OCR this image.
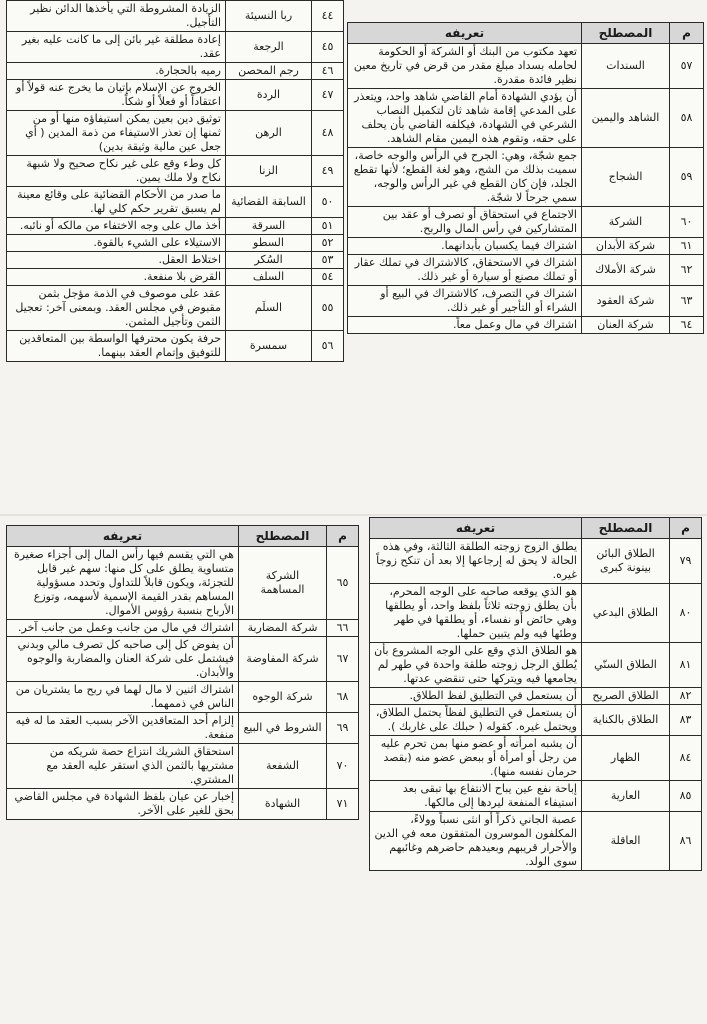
٤٤	ربا النسيئة	الزيادة المشروطة التي يأخذها الدائن نظير التأجيل.
٤٥	الرجعة	إعادة مطلقة غير بائن إلى ما كانت عليه بغير عقد.
٤٦	رجم المحصن	رميه بالحجارة.
٤٧	الردة	الخروج عن الإسلام بإتيان ما يخرج عنه قولاً أو اعتقاداً أو فعلاً أو شكاً.
٤٨	الرهن	توثيق دين بعين يمكن استيفاؤه منها أو من ثمنها إن تعذر الاستيفاء من ذمة المدين ( أي جعل عين مالية وثيقة بدين)
٤٩	الزنا	كل وطء وقع على غير نكاح صحيح ولا شبهة نكاح ولا ملك يمين.
٥٠	السابقة القضائية	ما صدر من الأحكام القضائية على وقائع معينة لم يسبق تقرير حكم كلي لها.
٥١	السرقة	أخذ مال على وجه الاختفاء من مالكه أو نائبه.
٥٢	السطو	الاستيلاء على الشيء بالقوة.
٥٣	السُكر	اختلاط العقل.
٥٤	السلف	القرض بلا منفعة.
٥٥	السلَم	عقد على موصوف في الذمة مؤجل بثمن مقبوض في مجلس العقد. وبمعنى آخر: تعجيل الثمن وتأجيل المثمن.
٥٦	سمسرة	حرفة يكون محترفها الواسطة بين المتعاقدين للتوفيق وإتمام العقد بينهما.
م	المصطلح	تعريفه
٥٧	السندات	تعهد مكتوب من البنك أو الشركة أو الحكومة لحامله بسداد مبلغ مقدر من قرض في تاريخ معين نظير فائدة مقدرة.
٥٨	الشاهد واليمين	أن يؤدي الشهادة أمام القاضي شاهد واحد، ويتعذر على المدعي إقامة شاهد ثان لتكميل النصاب الشرعي في الشهادة، فيكلفه القاضي بأن يحلف على حقه، وتقوم هذه اليمين مقام الشاهد.
٥٩	الشجاج	جمع شجّة، وهي: الجرح في الرأس والوجه خاصة، سميت بذلك من الشج، وهو لغة القطع؛ لأنها تقطع الجلد، فإن كان القطع في غير الرأس والوجه، سمي جرحاً لا شجّة.
٦٠	الشركة	الاجتماع في استحقاق أو تصرف أو عقد بين المتشاركين في رأس المال والربح.
٦١	شركة الأبدان	اشتراك فيما يكسبان بأبدانهما.
٦٢	شركة الأملاك	اشتراك في الاستحقاق، كالاشتراك في تملك عقار أو تملك مصنع أو سيارة أو غير ذلك.
٦٣	شركة العقود	اشتراك في التصرف، كالاشتراك في البيع أو الشراء أو التأجير أو غير ذلك.
٦٤	شركة العنان	اشتراك في مال وعمل معاً.
م	المصطلح	تعريفه
٦٥	الشركة المساهمة	هي التي يقسم فيها رأس المال إلى أجزاء صغيرة متساوية يطلق على كل منها: سهم غير قابل للتجزئة، ويكون قابلاً للتداول وتحدد مسؤولية المساهم بقدر القيمة الإسمية لأسهمه، وتوزع الأرباح بنسبة رؤوس الأموال.
٦٦	شركة المضاربة	اشتراك في مال من جانب وعمل من جانب آخر.
٦٧	شركة المفاوضة	أن يفوض كل إلى صاحبه كل تصرف مالي وبدني فيشتمل على شركة العنان والمضاربة والوجوه والأبدان.
٦٨	شركة الوجوه	اشتراك اثنين لا مال لهما في ربح ما يشتريان من الناس في ذممهما.
٦٩	الشروط في البيع	إلزام أحد المتعاقدين الآخر بسبب العقد ما له فيه منفعة.
٧٠	الشفعة	استحقاق الشريك انتزاع حصة شريكه من مشتريها بالثمن الذي استقر عليه العقد مع المشتري.
٧١	الشهادة	إخبار عن عيان بلفظ الشهادة في مجلس القاضي بحق للغير على الآخر.
م	المصطلح	تعريفه
٧٩	الطلاق البائن بينونة كبرى	يطلق الزوج زوجته الطلقة الثالثة، وفي هذه الحالة لا يحق له إرجاعها إلا بعد أن تنكح زوجاً غيره.
٨٠	الطلاق البدعي	هو الذي يوقعه صاحبه على الوجه المحرم، بأن يطلق زوجته ثلاثاً بلفظ واحد، أو يطلقها وهي حائض أو نفساء، أو يطلقها في طهر وطئها فيه ولم يتبين حملها.
٨١	الطلاق السنّي	هو الطلاق الذي وقع على الوجه المشروع بأن يُطلق الرجل زوجته طلقة واحدة في طهر لم يجامعها فيه ويتركها حتى تنقضي عدتها.
٨٢	الطلاق الصريح	أن يستعمل في التطليق لفظ الطلاق.
٨٣	الطلاق بالكناية	أن يستعمل في التطليق لفظاً يحتمل الطلاق، ويحتمل غيره. كقوله ( حبلك على غاربك ).
٨٤	الظهار	أن يشبه امرأته أو عضو منها بمن تحرم عليه من رجل أو امرأة أو ببعض عضو منه (بقصد حرمان نفسه منها).
٨٥	العارية	إباحة نفع عين يباح الانتفاع بها تبقى بعد استيفاء المنفعة ليردها إلى مالكها.
٨٦	العاقلة	عصبة الجاني ذكراً أو انثى نسباً وولاءً، المكلفون الموسرون المتفقون معه في الدين والأحرار قريبهم وبعيدهم حاضرهم وغائبهم سوى الولد.
